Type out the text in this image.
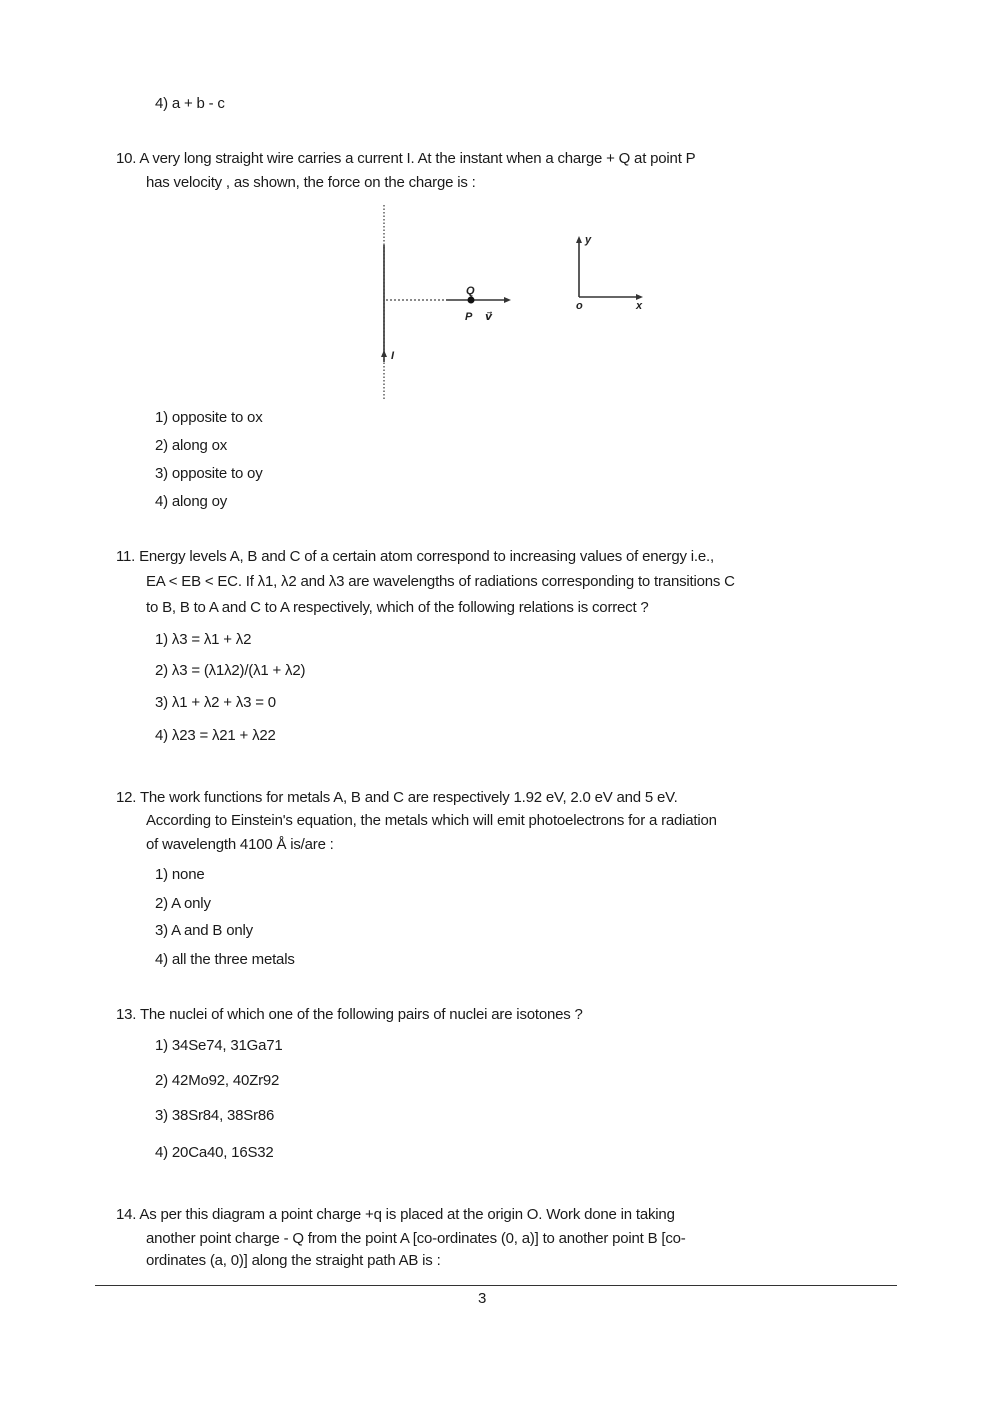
4) a + b - c
10. A very long straight wire carries a current I. At the instant when a charge + Q at point P
has velocity , as shown, the force on the charge is :
I
Q
P v⃗
y
o	x
1) opposite to ox
2) along ox
3) opposite to oy
4) along oy
11. Energy levels A, B and C of a certain atom correspond to increasing values of energy i.e.,
EA < EB < EC. If λ1, λ2 and λ3 are wavelengths of radiations corresponding to transitions C
to B, B to A and C to A respectively, which of the following relations is correct ?
1) λ3 = λ1 + λ2
2) λ3 = (λ1λ2)/(λ1 + λ2)
3) λ1 + λ2 + λ3 = 0
4) λ23 = λ21 + λ22
12. The work functions for metals A, B and C are respectively 1.92 eV, 2.0 eV and 5 eV.
According to Einstein's equation, the metals which will emit photoelectrons for a radiation
of wavelength 4100 Å is/are :
1) none
2) A only
3) A and B only
4) all the three metals
13. The nuclei of which one of the following pairs of nuclei are isotones ?
1) 34Se74, 31Ga71
2) 42Mo92, 40Zr92
3) 38Sr84, 38Sr86
4) 20Ca40, 16S32
14. As per this diagram a point charge +q is placed at the origin O. Work done in taking
another point charge - Q from the point A [co-ordinates (0, a)] to another point B [co-
ordinates (a, 0)] along the straight path AB is :
3
